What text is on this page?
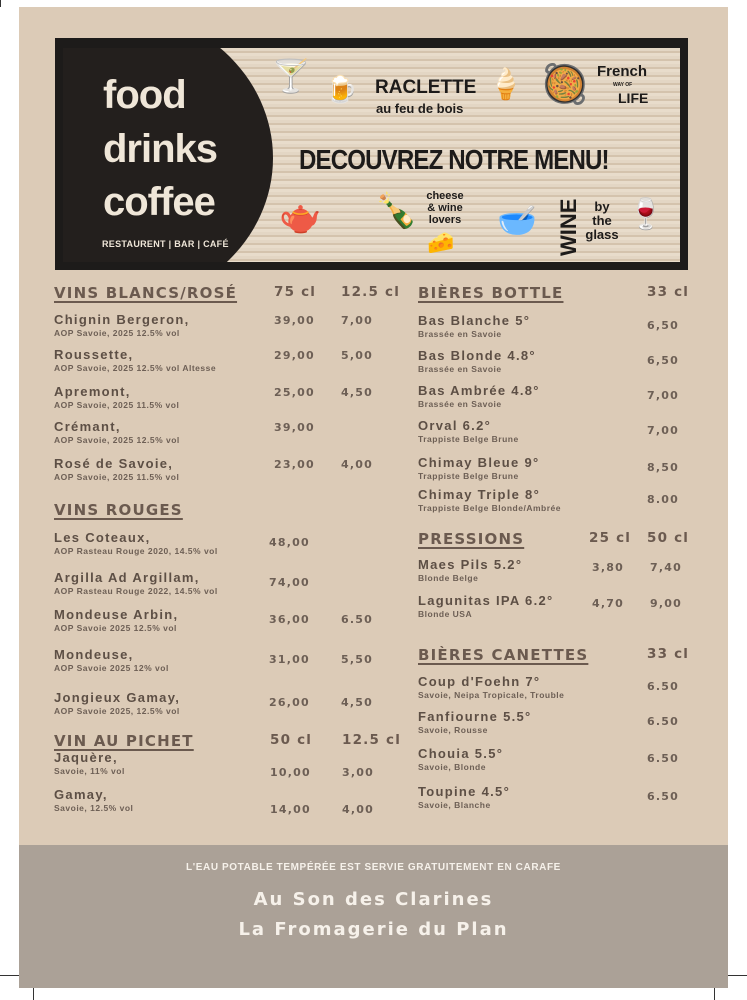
food
drinks
coffee
RESTAURENT | BAR | CAFÉ
🍸 🍺 RACLETTE
au feu de bois
🍦 🥘 French
WAY OF
LIFE
DECOUVREZ NOTRE MENU!
🫖 🍾 cheese & wine lovers
🧀
🥣 WINE	by the glass
🍷
VINS BLANCS/ROSÉ	75 cl 12.5 cl
Chignin Bergeron,
AOP Savoie, 2025 12.5% vol
39,00 7,00
Roussette,
AOP Savoie, 2025 12.5% vol Altesse
29,00 5,00
Apremont,
AOP Savoie, 2025 11.5% vol
25,00 4,50
Crémant,
AOP Savoie, 2025 12.5% vol
39,00
Rosé de Savoie,
AOP Savoie, 2025 11.5% vol
23,00 4,00
VINS ROUGES
Les Coteaux,
AOP Rasteau Rouge 2020, 14.5% vol
48,00
Argilla Ad Argillam,
AOP Rasteau Rouge 2022, 14.5% vol
74,00
Mondeuse Arbin,
AOP Savoie 2025 12.5% vol
36,00	6.50
Mondeuse,
AOP Savoie 2025 12% vol
31,00	5,50
Jongieux Gamay,
AOP Savoie 2025, 12.5% vol
26,00	4,50
VIN AU PICHET	50 cl 12.5 cl
Jaquère,
Savoie, 11% vol	10,00	3,00
Gamay,
Savoie, 12.5% vol	14,00	4,00
BIÈRES BOTTLE	33 cl
Bas Blanche 5°
Brassée en Savoie
6,50
Bas Blonde 4.8°
Brassée en Savoie
6,50
Bas Ambrée 4.8°
Brassée en Savoie
7,00
Orval 6.2°
Trappiste Belge Brune
7,00
Chimay Bleue 9°
Trappiste Belge Brune
8,50
Chimay Triple 8°
Trappiste Belge Blonde/Ambrée
8.00
PRESSIONS	25 cl 50 cl
Maes Pils 5.2°
Blonde Belge
3,80 7,40
Lagunitas IPA 6.2°
Blonde USA
4,70 9,00
BIÈRES CANETTES	33 cl
Coup d'Foehn 7°
Savoie, Neipa Tropicale, Trouble
6.50
Fanfiourne 5.5°
Savoie, Rousse
6.50
Chouia 5.5°
Savoie, Blonde
6.50
Toupine 4.5°
Savoie, Blanche
6.50
L'EAU POTABLE TEMPÉRÉE EST SERVIE GRATUITEMENT EN CARAFE
Au Son des Clarines
La Fromagerie du Plan
